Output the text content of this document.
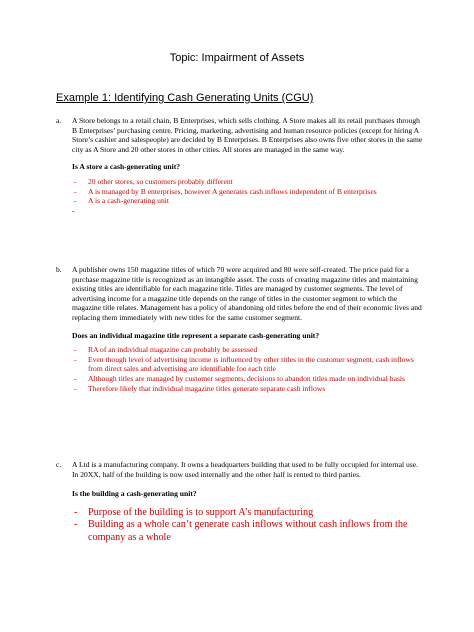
Topic: Impairment of Assets
Example 1: Identifying Cash Generating Units (CGU)
a. A Store belongs to a retail chain, B Enterprises, which sells clothing. A Store makes all its retail purchases through B Enterprises’ purchasing centre. Pricing, marketing, advertising and human resource policies (except for hiring A Store’s cashier and salespeople) are decided by B Enterprises. B Enterprises also owns five other stores in the same city as A Store and 20 other stores in other cities. All stores are managed in the same way.
Is A store a cash-generating unit?
- 20 other stores, so customers probably different
- A is managed by B enterprises, however A generates cash inflows independent of B enterprises
- A is a cash-generating unit
-
b. A publisher owns 150 magazine titles of which 70 were acquired and 80 were self-created. The price paid for a purchase magazine title is recognized as an intangible asset. The costs of creating magazine titles and maintaining existing titles are identifiable for each magazine title. Titles are managed by customer segments. The level of advertising income for a magazine title depends on the range of titles in the customer segment to which the magazine title relates. Management has a policy of abandoning old titles before the end of their economic lives and replacing them immediately with new titles for the same customer segment.
Does an individual magazine title represent a separate cash-generating unit?
- RA of an individual magazine can probably be assessed
- Even though level of advertising income is influenced by other titles in the customer segment, cash inflows from direct sales and advertising are identifiable foe each title
- Although titles are managed by customer segments, decisions to abandon titles made on individual basis
- Therefore likely that individual magazine titles generate separate cash inflows
c. A Ltd is a manufacturing company. It owns a headquarters building that used to be fully occupied for internal use. In 20XX, half of the building is now used internally and the other half is rented to third parties.
Is the building a cash-generating unit?
- Purpose of the building is to support A’s manufacturing
- Building as a whole can’t generate cash inflows without cash inflows from the company as a whole
